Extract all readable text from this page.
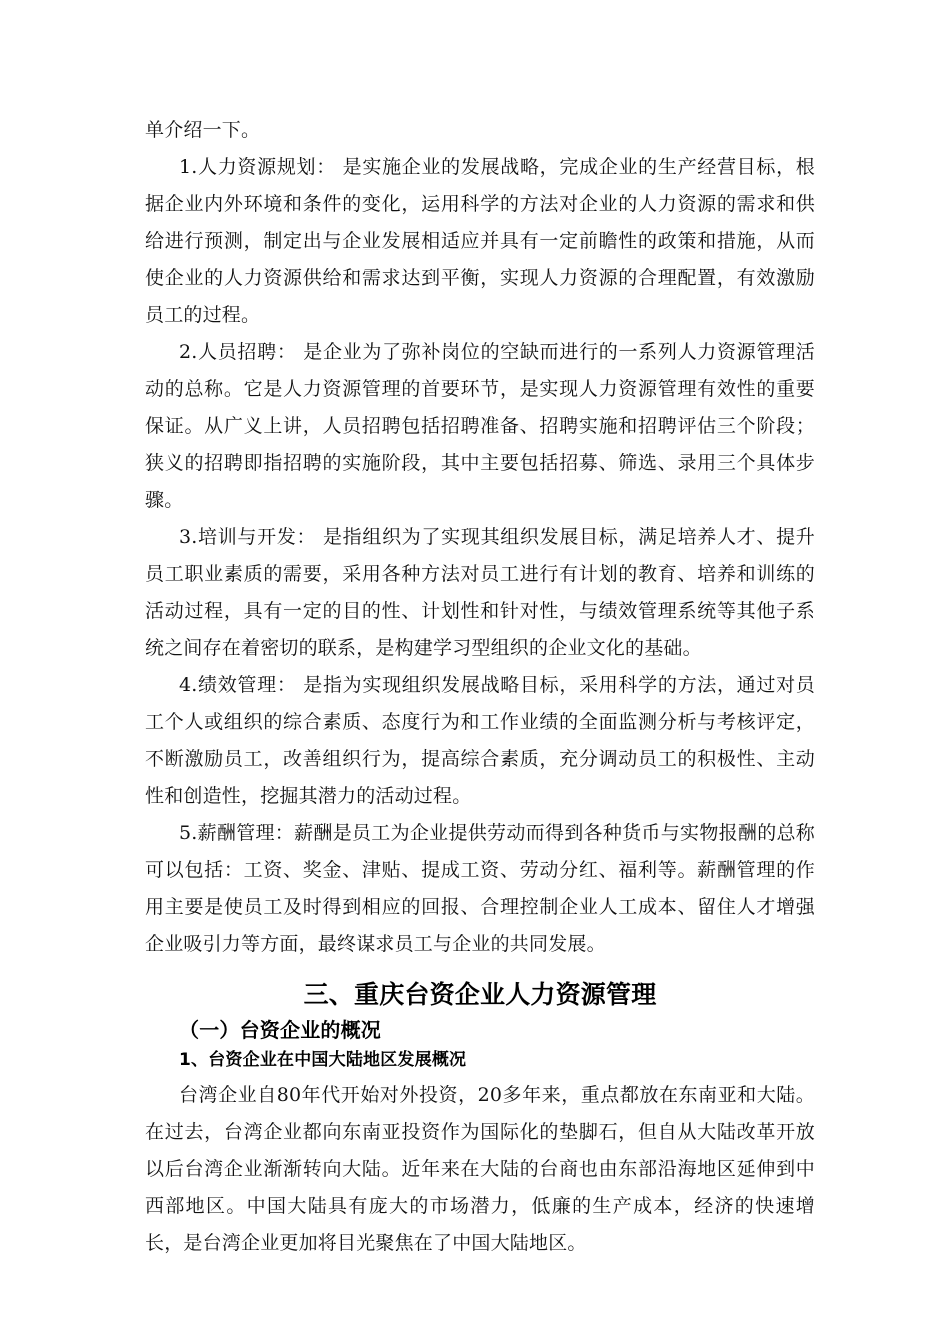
单介绍一下。

1.人力资源规划： 是实施企业的发展战略，完成企业的生产经营目标，根据企业内外环境和条件的变化，运用科学的方法对企业的人力资源的需求和供给进行预测，制定出与企业发展相适应并具有一定前瞻性的政策和措施，从而使企业的人力资源供给和需求达到平衡，实现人力资源的合理配置，有效激励员工的过程。

2.人员招聘： 是企业为了弥补岗位的空缺而进行的一系列人力资源管理活动的总称。它是人力资源管理的首要环节，是实现人力资源管理有效性的重要保证。从广义上讲，人员招聘包括招聘准备、招聘实施和招聘评估三个阶段；狭义的招聘即指招聘的实施阶段，其中主要包括招募、筛选、录用三个具体步骤。

3.培训与开发： 是指组织为了实现其组织发展目标，满足培养人才、提升员工职业素质的需要，采用各种方法对员工进行有计划的教育、培养和训练的活动过程，具有一定的目的性、计划性和针对性，与绩效管理系统等其他子系统之间存在着密切的联系，是构建学习型组织的企业文化的基础。

4.绩效管理： 是指为实现组织发展战略目标，采用科学的方法，通过对员工个人或组织的综合素质、态度行为和工作业绩的全面监测分析与考核评定，不断激励员工，改善组织行为，提高综合素质，充分调动员工的积极性、主动性和创造性，挖掘其潜力的活动过程。

5.薪酬管理：薪酬是员工为企业提供劳动而得到各种货币与实物报酬的总称可以包括：工资、奖金、津贴、提成工资、劳动分红、福利等。薪酬管理的作用主要是使员工及时得到相应的回报、合理控制企业人工成本、留住人才增强企业吸引力等方面，最终谋求员工与企业的共同发展。

三、重庆台资企业人力资源管理
（一）台资企业的概况
1、台资企业在中国大陆地区发展概况

台湾企业自80年代开始对外投资，20多年来，重点都放在东南亚和大陆。在过去，台湾企业都向东南亚投资作为国际化的垫脚石，但自从大陆改革开放以后台湾企业渐渐转向大陆。近年来在大陆的台商也由东部沿海地区延伸到中西部地区。中国大陆具有庞大的市场潜力，低廉的生产成本，经济的快速增长，是台湾企业更加将目光聚焦在了中国大陆地区。
